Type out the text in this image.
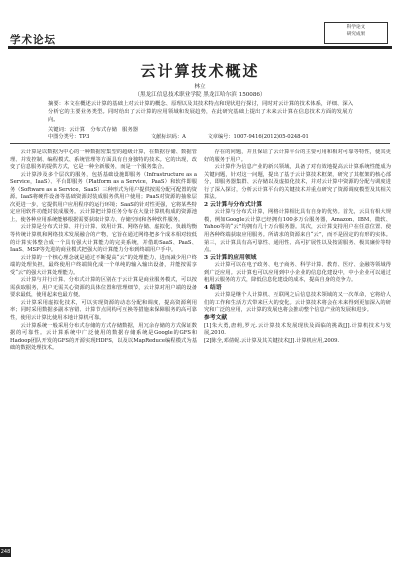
学术论坛
科学论文
研究成果
云计算技术概述
林立
（黑龙江信息技术职业学院 黑龙江哈尔滨 150086）
摘要：本文在概述云计算的基础上对云计算的概念、原理以及其技术特点和现状进行探讨，同时对云计算的技术体系，详细、深入分析它的主要业务类型。同时给出了云计算的应用领域和发展趋势，在此研究基础上提出了未来云计算在信息技术方面的发展方向。
关键词：云计算　分布式存储　服务器
中图分类号：TP3	文献标识码：A	文章编号：1007-9416(2012)05-0248-01

云计算是以数据为中心的一种数据密集型的超级计算，在数据存储、数据管理、并发控制、编程模式、系统管理等方面具有自身独特的技术。它的出现，改变了信息服务的提供方式，它是一种全新服务，而是一个服务集合。

云计算涉及多个层次的服务，包括基础设施即服务（Infrastructure as a Service，IaaS）、平台即服务（Platform as a Service，PaaS）和软件即服务（Software as a Service，SaaS）三种形式为用户提供按需分配可配置的资源。IaaS将硬件设备等基础资源封装成服务供用户使用；PaaS对资源的抽象层次更进一步，它提供用户应用程序的运行环境；SaaS的针对性更强，它将某些特定应用软件功能封装成服务。云计算把计算任务分布在大量计算机构成的资源池上，使各种应用系统能够根据需要获取计算力、存储空间和各种软件服务。

云计算是分布式计算、并行计算、效用计算、网络存储、虚拟化、负载均衡等传统计算机和网络技术发展融合的产物，它旨在通过网络把多个成本相对较低的计算实体整合成一个具有强大计算能力的完美系统，并借助SaaS、PaaS、IaaS、MSP等先进的商业模式把强大的计算能力分布到终端用户手中。

云计算的一个核心理念就是通过不断提高“云”的处理能力，进而减少用户终端的处理负担，最终使用户终端简化成一个单纯的输入输出设备，并能按需享受“云”的强大计算处理能力。

云计算与并行计算、分布式计算的区别在于云计算是商业服务模式，可以按需获取服务，用户无需关心资源的具体位置和管理细节，云计算对用户端的设备要求最低，使用起来也最方便。

云计算采用虚拟化技术，可以实现资源的动态分配和调度，提高资源利用率；同时采用数据多副本容错、计算节点同构可互换等措施来保障服务的高可靠性，使用云计算比使用本地计算机可靠。

云计算系统一般采用分布式存储的方式存储数据，用冗余存储的方式保证数据的可靠性。云计算系统中广泛使用的数据存储系统是Google的GFS和Hadoop团队开发的GFS的开源实现HDFS，以及以MapReduce编程模式为基础的数据处理技术。

存在的问题，并且保证了云计算平台的主要可用和相对可靠等特性，使其更好的服务于用户。

云计算作为信息产业的新兴领域，具备了对有效地提高云计算系统性能成为关键问题，针对这一问题，提出了基于云计算技术框架，研究了其框架的核心部分，即服务器集群、云存储以及虚拟化技术，并对云计算中资源的分配与调度进行了深入探讨，分析云计算平台的关键技术并重点研究了资源调度模型及其相关算法。

2 云计算与分布式计算

云计算与分布式计算，网格计算相比具有自身的优势。首先，云具有相大规模，例如Google云计算已经拥有100多万台服务器，Amazon、IBM、微软、Yahoo等的“云”均拥有几十万台服务器。其次，云计算支持用户在任意位置、使用各种终端获取应用服务。所请求的资源来自“云”，而不是固定的有形的实体。第三，云计算具有高可靠性、通用性、高可扩展性以及按需服务、极其廉价等特点。

3 云计算的应用领域

云计算可以在电子政务、电子商务、科学计算、教育、医疗、金融等领域得到广泛应用。云计算也可以应用到中小企业的信息化建设中，中小企业可以通过租用云服务的方式，降低信息化建设的成本，提高自身的竞争力。

4 结语

云计算是继个人计算机、互联网之后信息技术领域的又一次革命，它将给人们的工作和生活方式带来巨大的变化。云计算技术将会在未来得到更加深入的研究和广泛的应用，云计算的发展也将会推动整个信息产业的发展和进步。

参考文献

[1]朱大勇,唐莉,罗元.云计算技术发展现状及面临的挑战[J].计算机技术与发展,2010.

[2]陈全,邓倩妮.云计算及其关键技术[J].计算机应用,2009.

248
